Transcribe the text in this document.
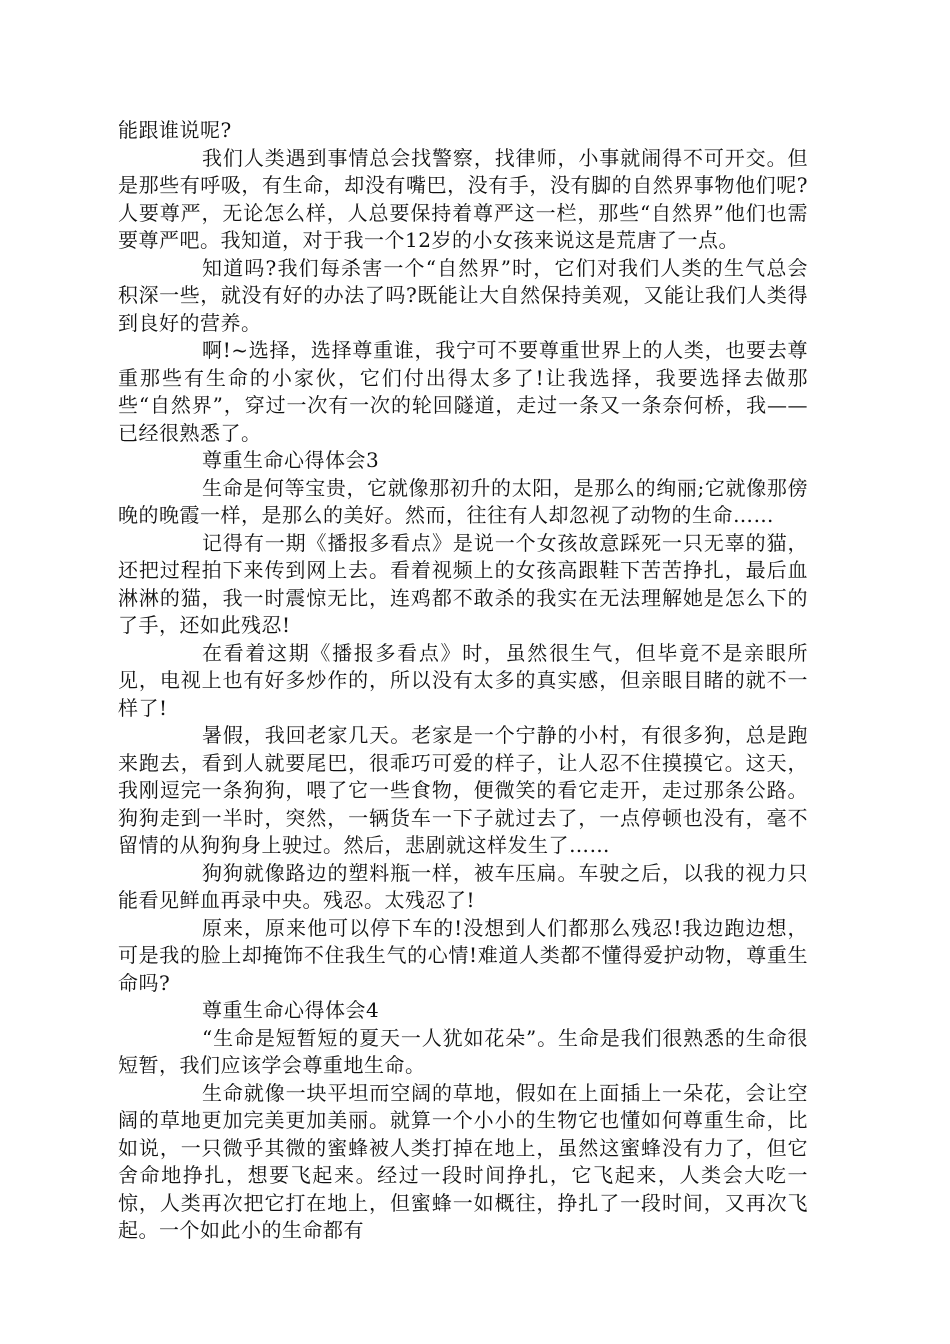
能跟谁说呢?

我们人类遇到事情总会找警察，找律师，小事就闹得不可开交。但是那些有呼吸，有生命，却没有嘴巴，没有手，没有脚的自然界事物他们呢?人要尊严，无论怎么样，人总要保持着尊严这一栏，那些“自然界”他们也需要尊严吧。我知道，对于我一个12岁的小女孩来说这是荒唐了一点。

知道吗?我们每杀害一个“自然界”时，它们对我们人类的生气总会积深一些，就没有好的办法了吗?既能让大自然保持美观，又能让我们人类得到良好的营养。

啊!~选择，选择尊重谁，我宁可不要尊重世界上的人类，也要去尊重那些有生命的小家伙，它们付出得太多了!让我选择，我要选择去做那些“自然界”，穿过一次有一次的轮回隧道，走过一条又一条奈何桥，我——已经很熟悉了。

尊重生命心得体会3

生命是何等宝贵，它就像那初升的太阳，是那么的绚丽;它就像那傍晚的晚霞一样，是那么的美好。然而，往往有人却忽视了动物的生命……

记得有一期《播报多看点》是说一个女孩故意踩死一只无辜的猫，还把过程拍下来传到网上去。看着视频上的女孩高跟鞋下苦苦挣扎，最后血淋淋的猫，我一时震惊无比，连鸡都不敢杀的我实在无法理解她是怎么下的了手，还如此残忍!

在看着这期《播报多看点》时，虽然很生气，但毕竟不是亲眼所见，电视上也有好多炒作的，所以没有太多的真实感，但亲眼目睹的就不一样了!

暑假，我回老家几天。老家是一个宁静的小村，有很多狗，总是跑来跑去，看到人就要尾巴，很乖巧可爱的样子，让人忍不住摸摸它。这天，我刚逗完一条狗狗，喂了它一些食物，便微笑的看它走开，走过那条公路。狗狗走到一半时，突然，一辆货车一下子就过去了，一点停顿也没有，毫不留情的从狗狗身上驶过。然后，悲剧就这样发生了……

狗狗就像路边的塑料瓶一样，被车压扁。车驶之后，以我的视力只能看见鲜血再录中央。残忍。太残忍了!

原来，原来他可以停下车的!没想到人们都那么残忍!我边跑边想，可是我的脸上却掩饰不住我生气的心情!难道人类都不懂得爱护动物，尊重生命吗?

尊重生命心得体会4

“生命是短暂短的夏天一人犹如花朵”。生命是我们很熟悉的生命很短暂，我们应该学会尊重地生命。

生命就像一块平坦而空阔的草地，假如在上面插上一朵花，会让空阔的草地更加完美更加美丽。就算一个小小的生物它也懂如何尊重生命，比如说，一只微乎其微的蜜蜂被人类打掉在地上，虽然这蜜蜂没有力了，但它舍命地挣扎，想要飞起来。经过一段时间挣扎，它飞起来，人类会大吃一惊，人类再次把它打在地上，但蜜蜂一如概往，挣扎了一段时间，又再次飞起。一个如此小的生命都有
